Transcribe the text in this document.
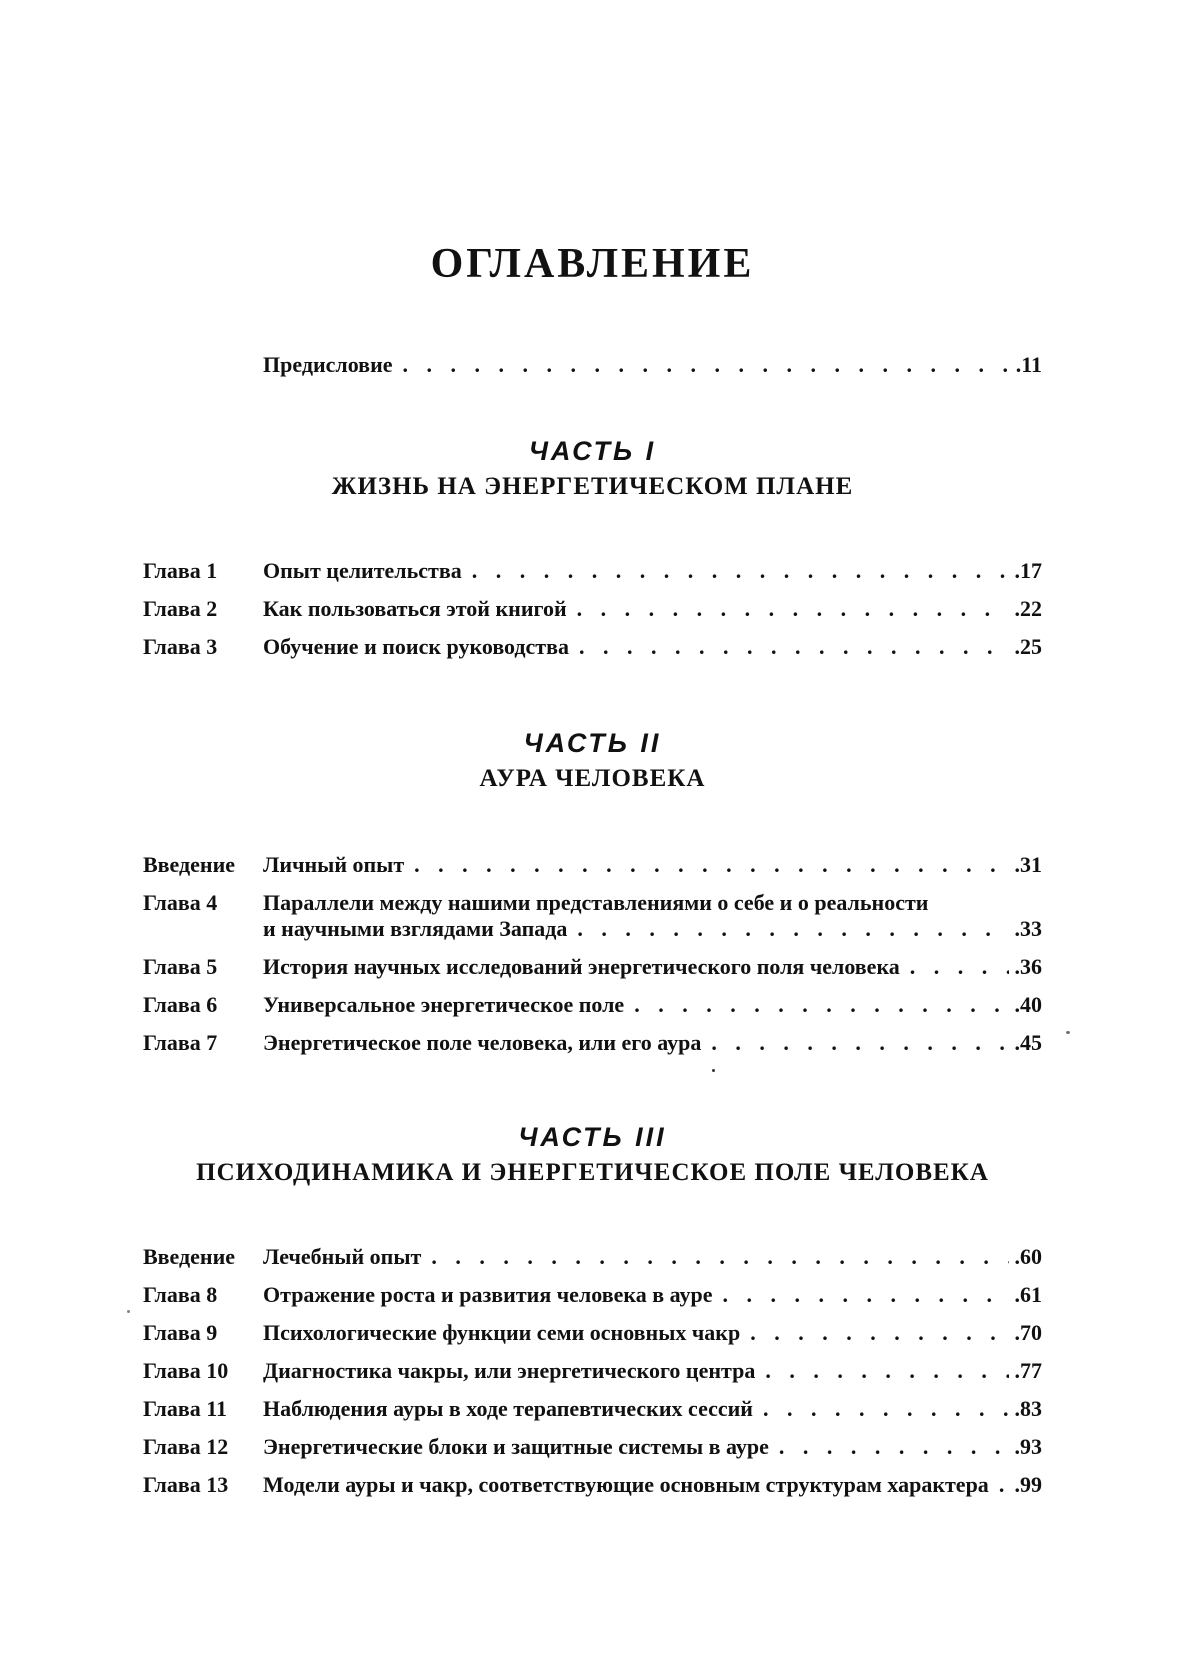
ОГЛАВЛЕНИЕ
Предисловие . . .	.11
ЧАСТЬ I
ЖИЗНЬ НА ЭНЕРГЕТИЧЕСКОМ ПЛАНЕ
Глава 1	Опыт целительства . . .	.17
Глава 2	Как пользоваться этой книгой . . .	.22
Глава 3	Обучение и поиск руководства . . .	.25
ЧАСТЬ II
АУРА ЧЕЛОВЕКА
Введение	Личный опыт . . .	.31
Глава 4	Параллели между нашими представлениями о себе и о реальности
и научными взглядами Запада . . .	.33
Глава 5	История научных исследований энергетического поля человека . . .	.36
Глава 6	Универсальное энергетическое поле . . .	.40
Глава 7	Энергетическое поле человека, или его аура . . .	.45
ЧАСТЬ III
ПСИХОДИНАМИКА И ЭНЕРГЕТИЧЕСКОЕ ПОЛЕ ЧЕЛОВЕКА
Введение	Лечебный опыт . . .	.60
Глава 8	Отражение роста и развития человека в ауре . . .	.61
Глава 9	Психологические функции семи основных чакр . . .	.70
Глава 10	Диагностика чакры, или энергетического центра . . .	.77
Глава 11	Наблюдения ауры в ходе терапевтических сессий . . .	.83
Глава 12	Энергетические блоки и защитные системы в ауре . . .	.93
Глава 13	Модели ауры и чакр, соответствующие основным структурам характера . . . .99
